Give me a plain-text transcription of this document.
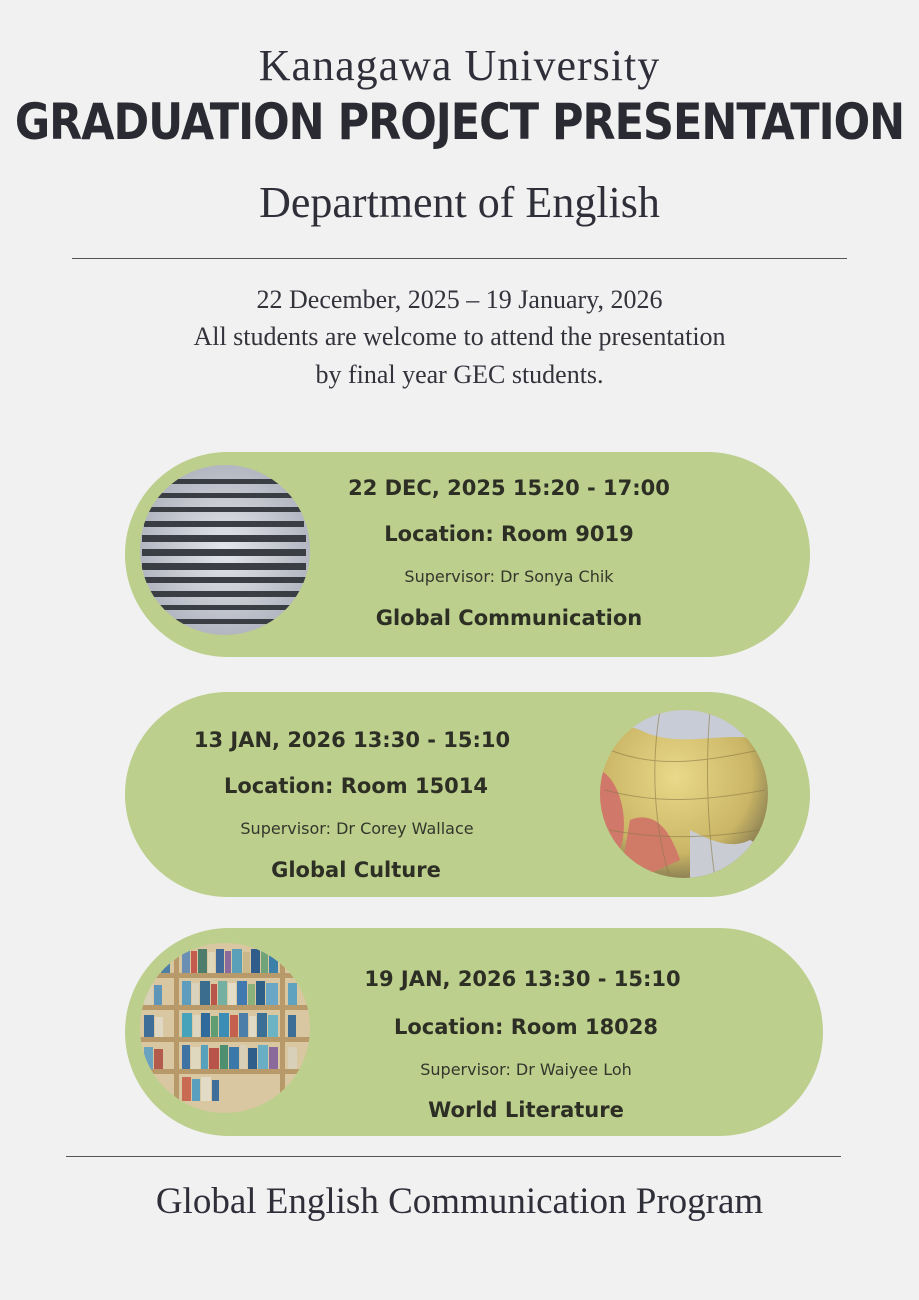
Kanagawa University
GRADUATION PROJECT PRESENTATION
Department of English
22 December, 2025 – 19 January, 2026
All students are welcome to attend the presentation
by final year GEC students.
22 DEC, 2025 15:20 - 17:00
Location: Room 9019
Supervisor: Dr Sonya Chik
Global Communication
13 JAN, 2026 13:30 - 15:10
Location: Room 15014
Supervisor: Dr Corey Wallace
Global Culture
19 JAN, 2026 13:30 - 15:10
Location: Room 18028
Supervisor: Dr Waiyee Loh
World Literature
Global English Communication Program
